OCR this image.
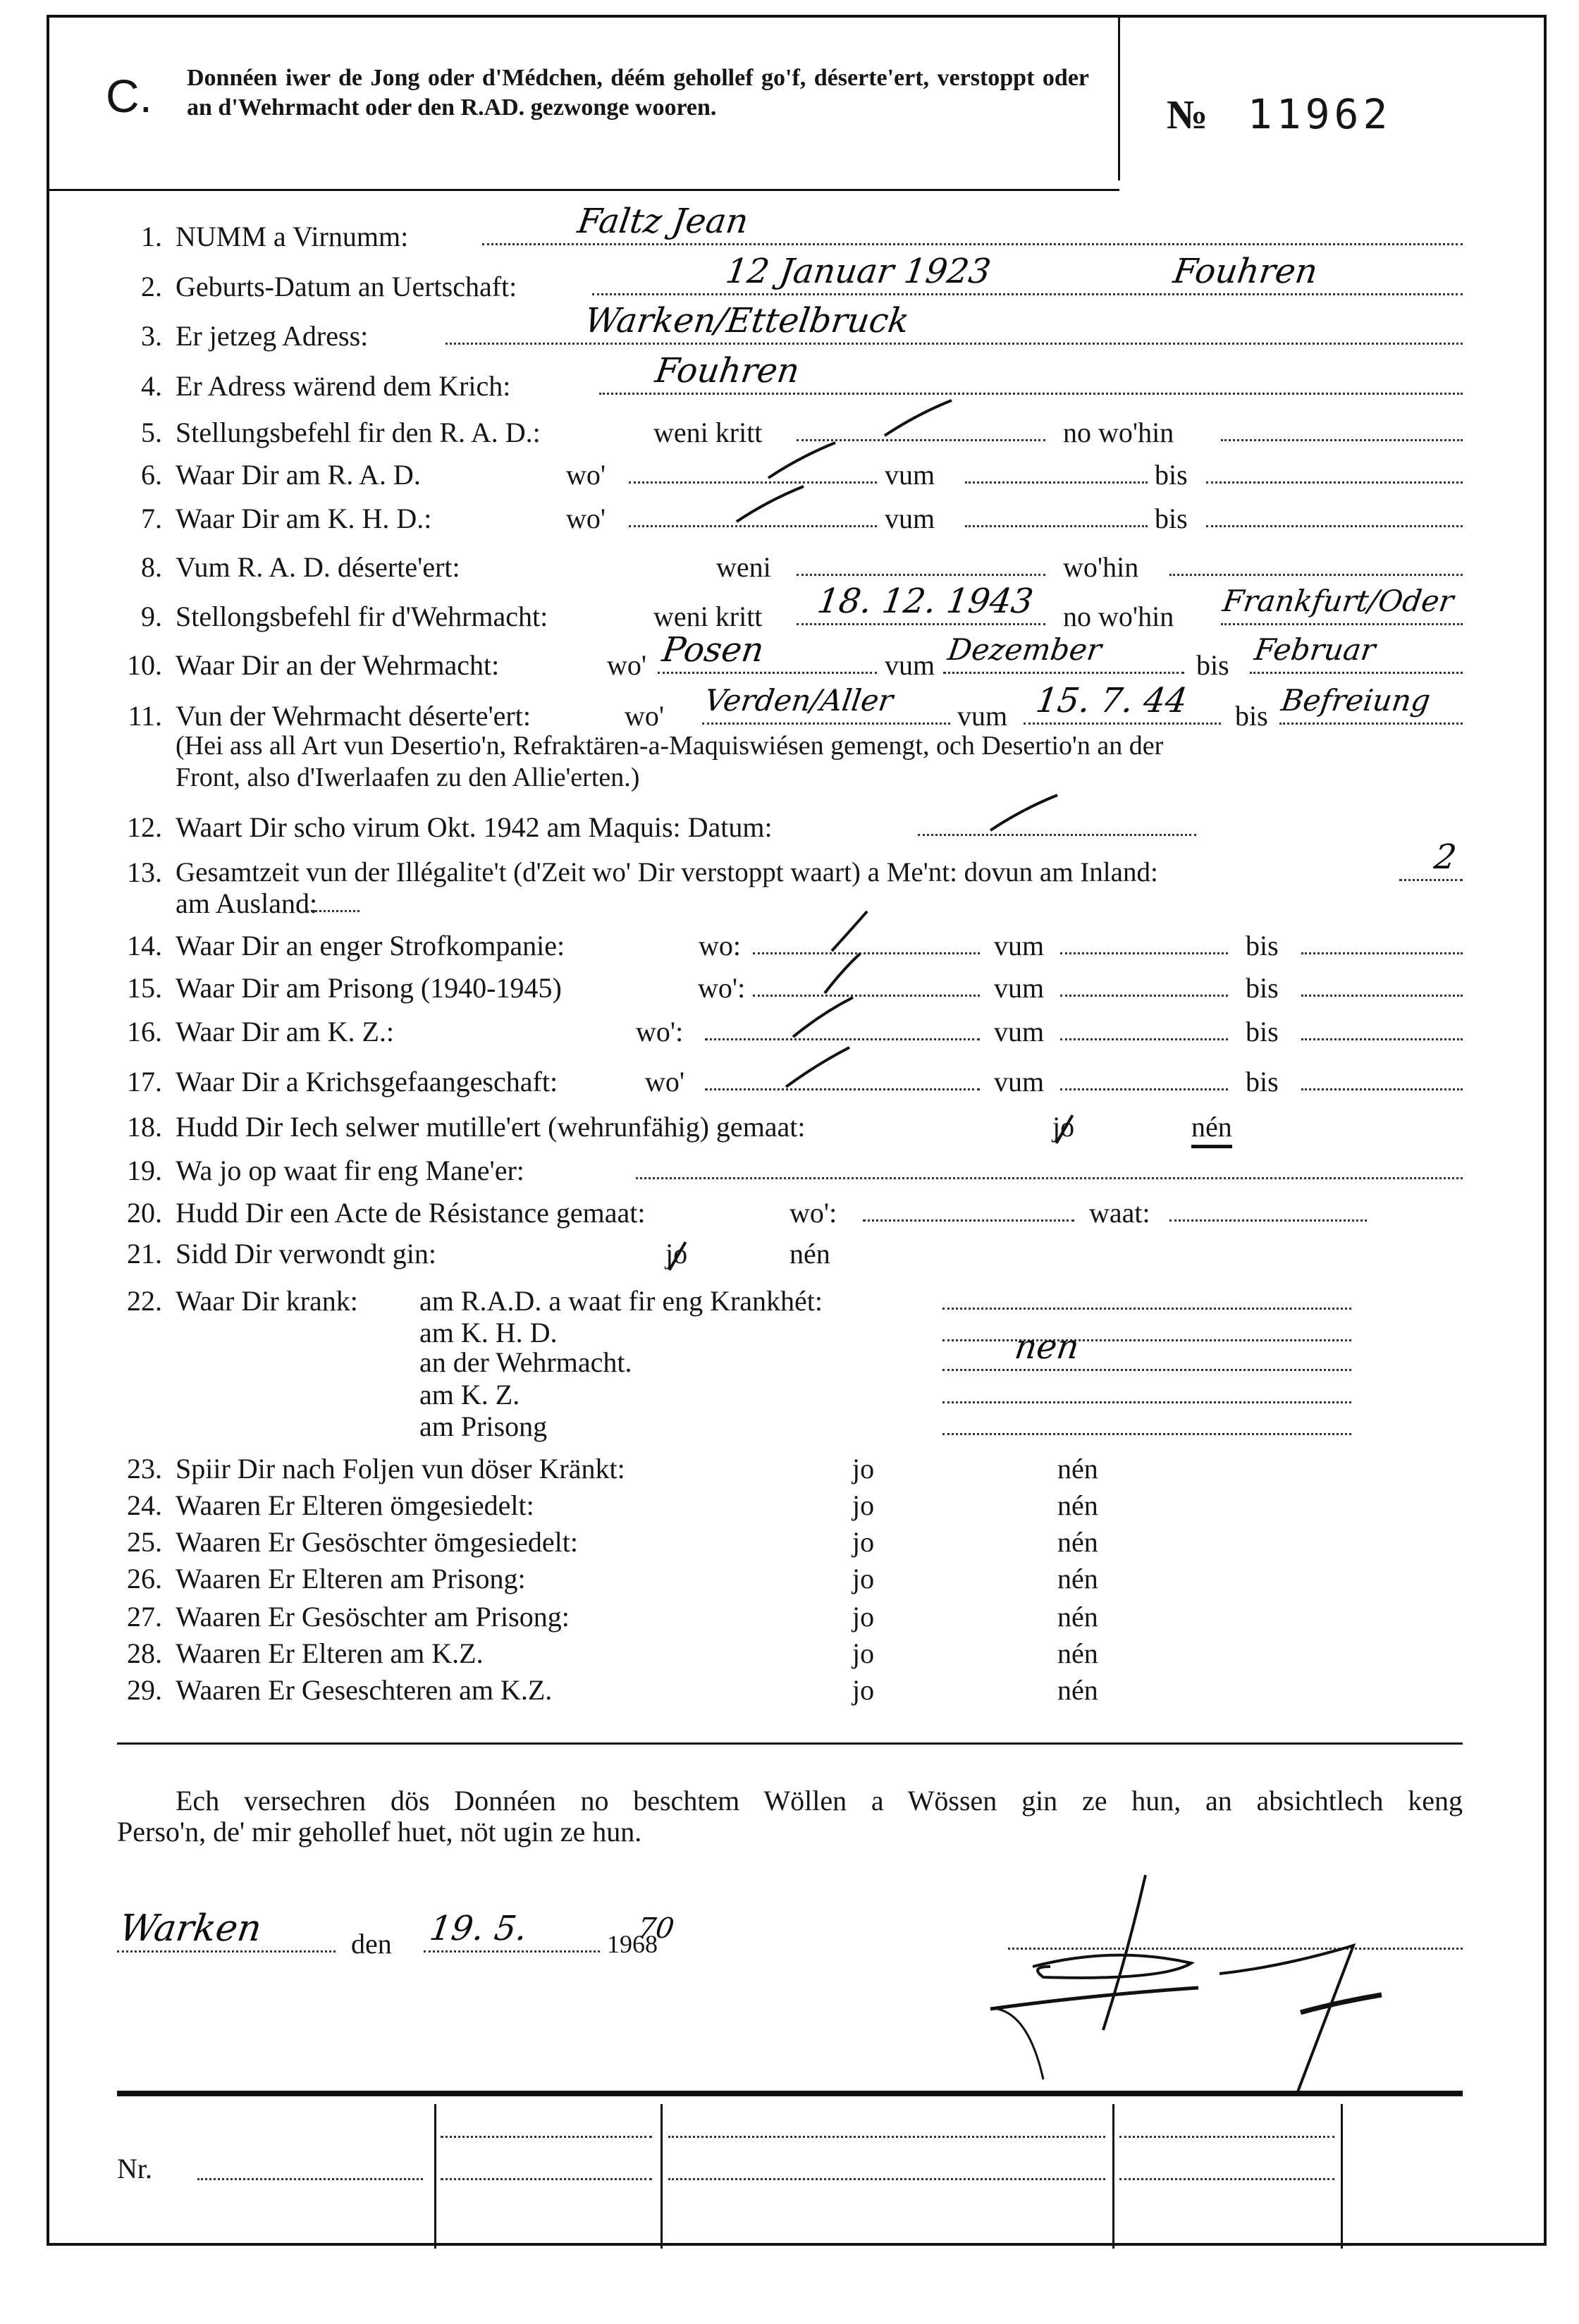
C. Donnéen iwer de Jong oder d'Médchen, déém gehollef go'f, déserte'ert, verstoppt oder an d'Wehrmacht oder den R.AD. gezwonge wooren.	№ 11962
1. NUMM a Virnumm:	Faltz Jean
2. Geburts-Datum an Uertschaft:	12 Januar 1923	Fouhren
3. Er jetzeg Adress:	Warken/Ettelbruck
4. Er Adress wärend dem Krich:	Fouhren
5. Stellungsbefehl fir den R. A. D.:	weni kritt	no wo'hin
6. Waar Dir am R. A. D.	wo'	vum	bis
7. Waar Dir am K. H. D.:	wo'	vum	bis
8. Vum R. A. D. déserte'ert:	weni	wo'hin
9. Stellongsbefehl fir d'Wehrmacht:	weni kritt 18. 12. 1943 no wo'hin Frankfurt/Oder
10. Waar Dir an der Wehrmacht:	wo' Posen	vum Dezember	bis Februar
11. Vun der Wehrmacht déserte'ert:	wo' Verden/Aller vum 15. 7. 44 bis Befreiung
(Hei ass all Art vun Desertio'n, Refraktären-a-Maquiswiésen gemengt, och Desertio'n an der
Front, also d'Iwerlaafen zu den Allie'erten.)
12. Waart Dir scho virum Okt. 1942 am Maquis: Datum:
13. Gesamtzeit vun der Illégalite't (d'Zeit wo' Dir verstoppt waart) a Me'nt: dovun am Inland:	2
am Ausland:
14. Waar Dir an enger Strofkompanie:	wo:	vum	bis
15. Waar Dir am Prisong (1940-1945)	wo':	vum	bis
16. Waar Dir am K. Z.:	wo':	vum	bis
17. Waar Dir a Krichsgefaangeschaft:	wo'	vum	bis
18. Hudd Dir Iech selwer mutille'ert (wehrunfähig) gemaat:	jo	nén
19. Wa jo op waat fir eng Mane'er:
20. Hudd Dir een Acte de Résistance gemaat:	wo':	waat:
21. Sidd Dir verwondt gin:	jo	nén
22. Waar Dir krank: am R.A.D. a waat fir eng Krankhét:
am K. H. D.
an der Wehrmacht.	nen
am K. Z.
am Prisong
23. Spiir Dir nach Foljen vun döser Kränkt:	jo	nén
24. Waaren Er Elteren ömgesiedelt:	jo	nén
25. Waaren Er Gesöschter ömgesiedelt:	jo	nén
26. Waaren Er Elteren am Prisong:	jo	nén
27. Waaren Er Gesöschter am Prisong:	jo	nén
28. Waaren Er Elteren am K.Z.	jo	nén
29. Waaren Er Geseschteren am K.Z.	jo	nén
Ech versechren dös Donnéen no beschtem Wöllen a Wössen gin ze hun, an absichtlech keng
Perso'n, de' mir gehollef huet, nöt ugin ze hun.
Warken	den 19. 5.	1968
70
Nr.
